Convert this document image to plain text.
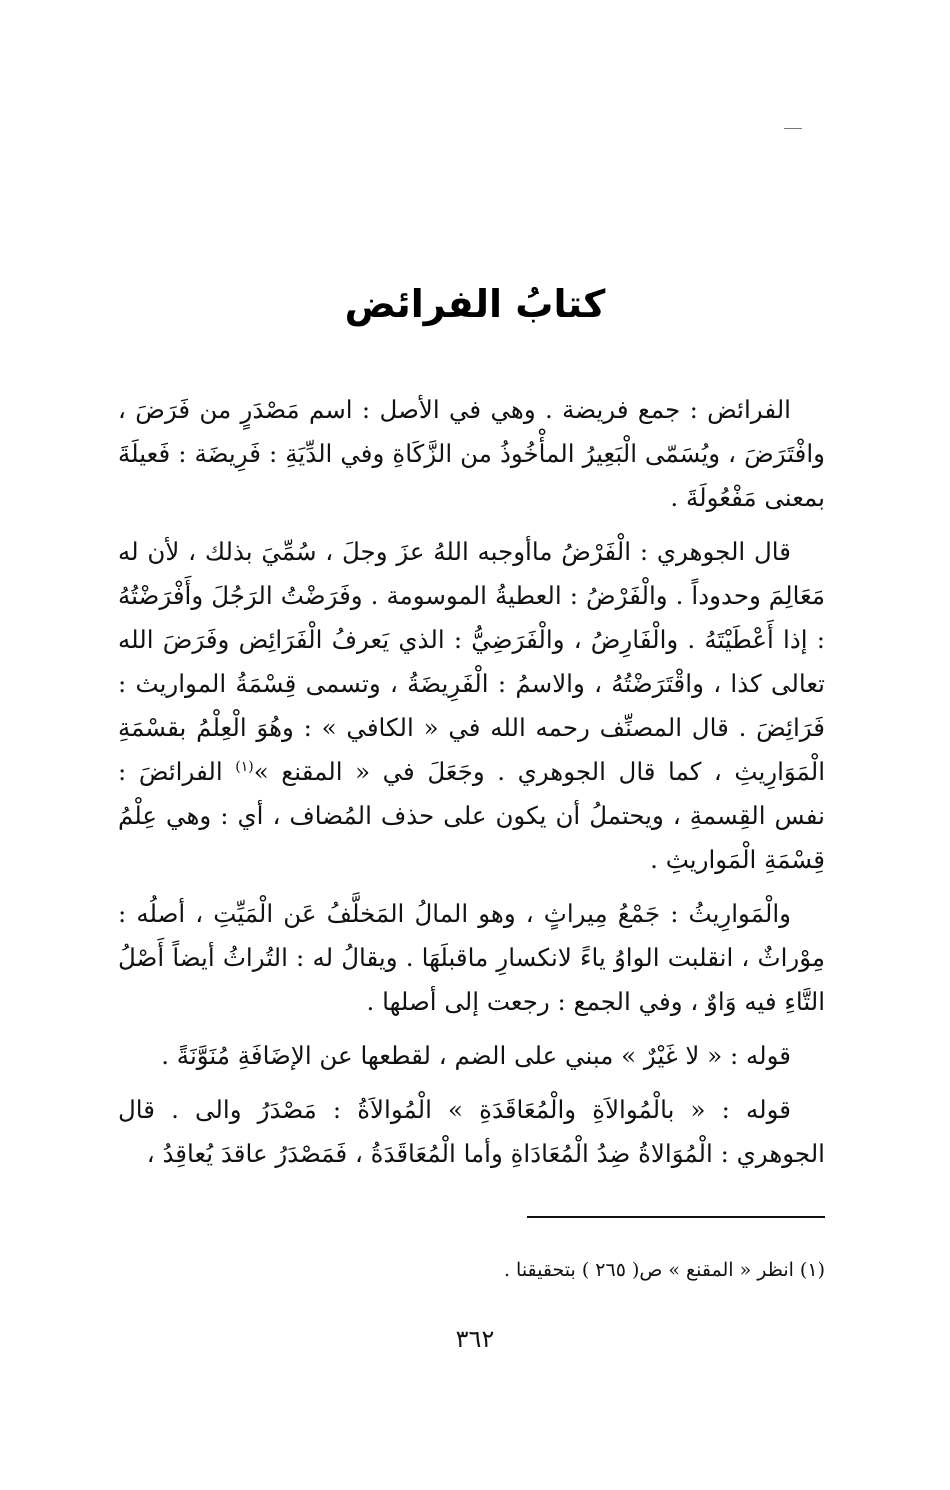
كتابُ الفرائض

الفرائض : جمع فريضة . وهي في الأصل : اسم مَصْدَرٍ من فَرَضَ ، وافْتَرَضَ ، ويُسَمّى الْبَعِيرُ المأْخُوذُ من الزَّكَاةِ وفي الدِّيَةِ : فَرِيضَة : فَعيلَةَ بمعنى مَفْعُولَةَ .

قال الجوهري : الْفَرْضُ ماأوجبه اللهُ عزَ وجلَ ، سُمِّيَ بذلك ، لأن له مَعَالِمَ وحدوداً . والْفَرْضُ : العطيةُ الموسومة . وفَرَضْتُ الرَجُلَ وأَفْرَضْتُهُ : إذا أَعْطَيْتَهُ . والْفَارِضُ ، والْفَرَضِيُّ : الذي يَعرفُ الْفَرَائِض وفَرَضَ الله تعالى كذا ، واقْتَرَضْتُهُ ، والاسمُ : الْفَرِيضَةُ ، وتسمى قِسْمَةُ المواريث : فَرَائِضَ . قال المصنِّف رحمه الله في « الكافي » : وهُوَ الْعِلْمُ بقسْمَةِ الْمَوَارِيثِ ، كما قال الجوهري . وجَعَلَ في « المقنع »$^{(١)}$ الفرائضَ : نفس القِسمةِ ، ويحتملُ أن يكون على حذف المُضاف ، أي : وهي عِلْمُ قِسْمَةِ الْمَواريثِ .

والْمَوارِيثُ : جَمْعُ مِيراثٍ ، وهو المالُ المَخلَّفُ عَن الْمَيِّتِ ، أصلُه : مِوْراثٌ ، انقلبت الواوُ ياءً لانكسارِ ماقبلَهَا . ويقالُ له : التُراثُ أيضاً أَصْلُ التَّاءِ فيه وَاوٌ ، وفي الجمع : رجعت إلى أصلها .

قوله : « لا غَيْرٌ » مبني على الضم ، لقطعها عن الإضَافَةِ مُنَوَّنَةً .

قوله : « بالْمُوالاَةِ والْمُعَاقَدَةِ » الْمُوالاَةُ : مَصْدَرُ والى . قال الجوهري : الْمُوَالاةُ ضِدُ الْمُعَادَاةِ وأما الْمُعَاقَدَةُ ، فَمَصْدَرُ عاقدَ يُعاقِدُ ،

(١) انظر « المقنع » ص( ٢٦٥ ) بتحقيقنا .
٣٦٢
